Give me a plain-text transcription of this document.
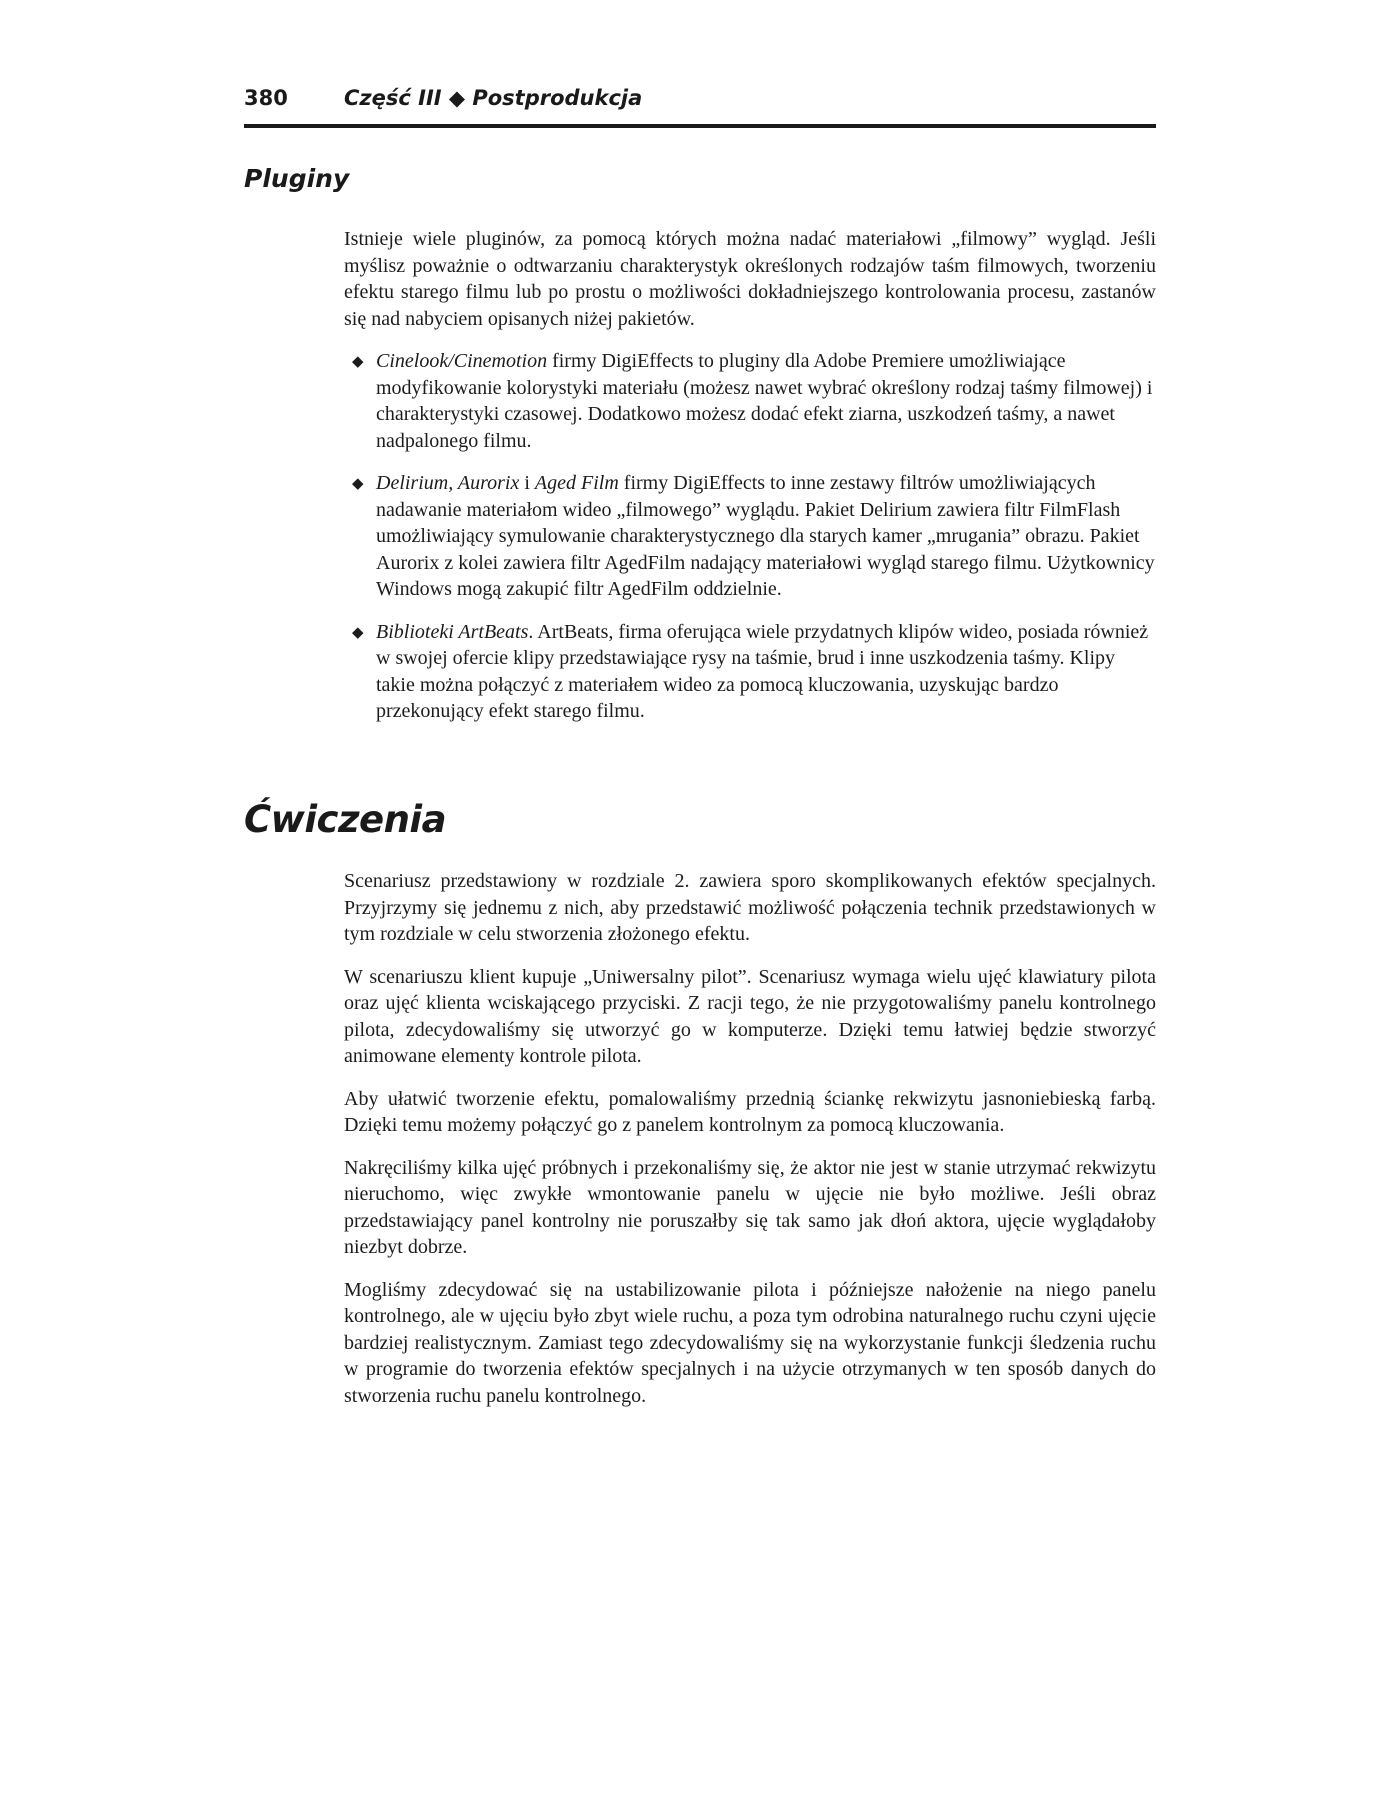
380	Część III ◆ Postprodukcja
Pluginy

Istnieje wiele pluginów, za pomocą których można nadać materiałowi „filmowy” wygląd. Jeśli myślisz poważnie o odtwarzaniu charakterystyk określonych rodzajów taśm filmowych, tworzeniu efektu starego filmu lub po prostu o możliwości dokładniejszego kontrolowania procesu, zastanów się nad nabyciem opisanych niżej pakietów.

◆ Cinelook/Cinemotion firmy DigiEffects to pluginy dla Adobe Premiere umożliwiające modyfikowanie kolorystyki materiału (możesz nawet wybrać określony rodzaj taśmy filmowej) i charakterystyki czasowej. Dodatkowo możesz dodać efekt ziarna, uszkodzeń taśmy, a nawet nadpalonego filmu.
◆ Delirium, Aurorix i Aged Film firmy DigiEffects to inne zestawy filtrów umożliwiających nadawanie materiałom wideo „filmowego” wyglądu. Pakiet Delirium zawiera filtr FilmFlash umożliwiający symulowanie charakterystycznego dla starych kamer „mrugania” obrazu. Pakiet Aurorix z kolei zawiera filtr AgedFilm nadający materiałowi wygląd starego filmu. Użytkownicy Windows mogą zakupić filtr AgedFilm oddzielnie.
◆ Biblioteki ArtBeats. ArtBeats, firma oferująca wiele przydatnych klipów wideo, posiada również w swojej ofercie klipy przedstawiające rysy na taśmie, brud i inne uszkodzenia taśmy. Klipy takie można połączyć z materiałem wideo za pomocą kluczowania, uzyskując bardzo przekonujący efekt starego filmu.
Ćwiczenia

Scenariusz przedstawiony w rozdziale 2. zawiera sporo skomplikowanych efektów specjalnych. Przyjrzymy się jednemu z nich, aby przedstawić możliwość połączenia technik przedstawionych w tym rozdziale w celu stworzenia złożonego efektu.

W scenariuszu klient kupuje „Uniwersalny pilot”. Scenariusz wymaga wielu ujęć klawiatury pilota oraz ujęć klienta wciskającego przyciski. Z racji tego, że nie przygotowaliśmy panelu kontrolnego pilota, zdecydowaliśmy się utworzyć go w komputerze. Dzięki temu łatwiej będzie stworzyć animowane elementy kontrole pilota.

Aby ułatwić tworzenie efektu, pomalowaliśmy przednią ściankę rekwizytu jasnoniebieską farbą. Dzięki temu możemy połączyć go z panelem kontrolnym za pomocą kluczowania.

Nakręciliśmy kilka ujęć próbnych i przekonaliśmy się, że aktor nie jest w stanie utrzymać rekwizytu nieruchomo, więc zwykłe wmontowanie panelu w ujęcie nie było możliwe. Jeśli obraz przedstawiający panel kontrolny nie poruszałby się tak samo jak dłoń aktora, ujęcie wyglądałoby niezbyt dobrze.

Mogliśmy zdecydować się na ustabilizowanie pilota i późniejsze nałożenie na niego panelu kontrolnego, ale w ujęciu było zbyt wiele ruchu, a poza tym odrobina naturalnego ruchu czyni ujęcie bardziej realistycznym. Zamiast tego zdecydowaliśmy się na wykorzystanie funkcji śledzenia ruchu w programie do tworzenia efektów specjalnych i na użycie otrzymanych w ten sposób danych do stworzenia ruchu panelu kontrolnego.
